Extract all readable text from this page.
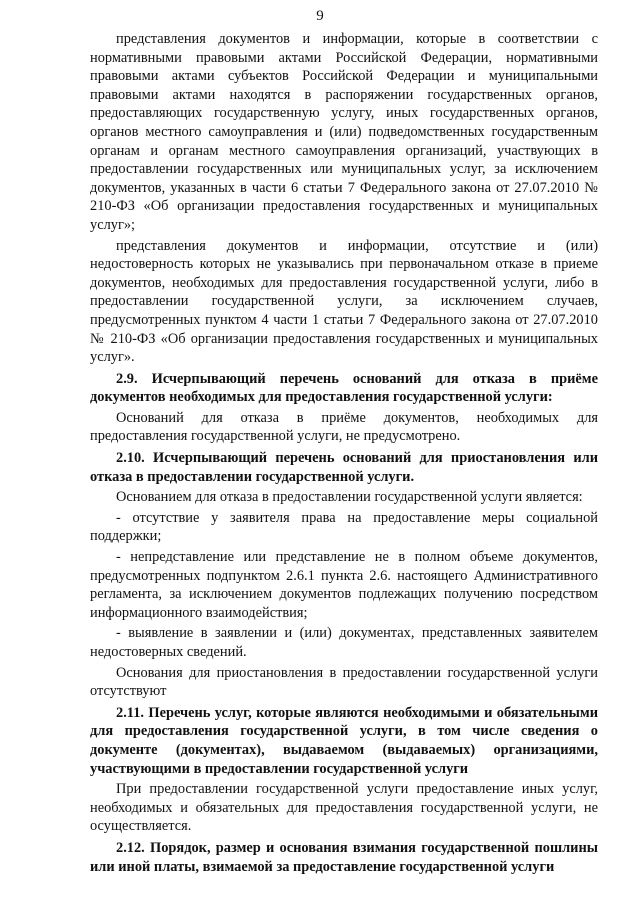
9

представления документов и информации, которые в соответствии с нормативными правовыми актами Российской Федерации, нормативными правовыми актами субъектов Российской Федерации и муниципальными правовыми актами находятся в распоряжении государственных органов, предоставляющих государственную услугу, иных государственных органов, органов местного самоуправления и (или) подведомственных государственным органам и органам местного самоуправления организаций, участвующих в предоставлении государственных или муниципальных услуг, за исключением документов, указанных в части 6 статьи 7 Федерального закона от 27.07.2010 № 210-ФЗ «Об организации предоставления государственных и муниципальных услуг»;

представления документов и информации, отсутствие и (или) недостоверность которых не указывались при первоначальном отказе в приеме документов, необходимых для предоставления государственной услуги, либо в предоставлении государственной услуги, за исключением случаев, предусмотренных пунктом 4 части 1 статьи 7 Федерального закона от 27.07.2010 № 210-ФЗ «Об организации предоставления государственных и муниципальных услуг».

2.9. Исчерпывающий перечень оснований для отказа в приёме документов необходимых для предоставления государственной услуги:

Оснований для отказа в приёме документов, необходимых для предоставления государственной услуги, не предусмотрено.

2.10. Исчерпывающий перечень оснований для приостановления или отказа в предоставлении государственной услуги.

Основанием для отказа в предоставлении государственной услуги является:

- отсутствие у заявителя права на предоставление меры социальной поддержки;

- непредставление или представление не в полном объеме документов, предусмотренных подпунктом 2.6.1 пункта 2.6. настоящего Административного регламента, за исключением документов подлежащих получению посредством информационного взаимодействия;

- выявление в заявлении и (или) документах, представленных заявителем недостоверных сведений.

Основания для приостановления в предоставлении государственной услуги отсутствуют

2.11. Перечень услуг, которые являются необходимыми и обязательными для предоставления государственной услуги, в том числе сведения о документе (документах), выдаваемом (выдаваемых) организациями, участвующими в предоставлении государственной услуги

При предоставлении государственной услуги предоставление иных услуг, необходимых и обязательных для предоставления государственной услуги, не осуществляется.

2.12. Порядок, размер и основания взимания государственной пошлины или иной платы, взимаемой за предоставление государственной услуги
